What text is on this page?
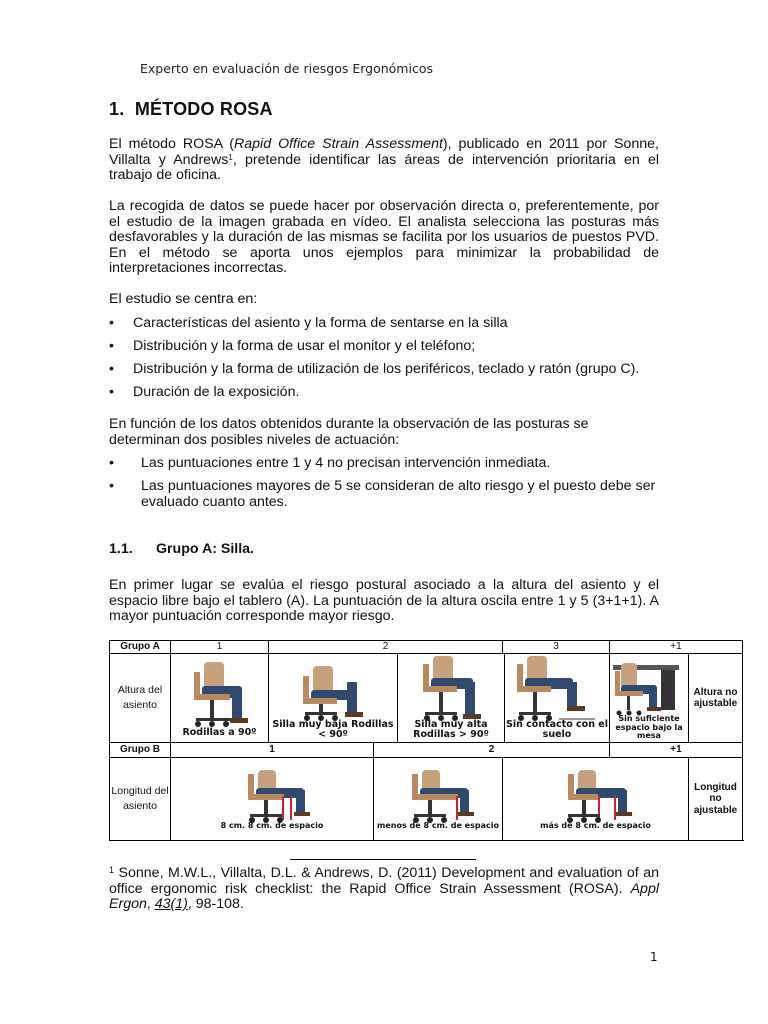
Experto en evaluación de riesgos Ergonómicos
1. MÉTODO ROSA
El método ROSA (Rapid Office Strain Assessment), publicado en 2011 por Sonne, Villalta y Andrews$^1$, pretende identificar las áreas de intervención prioritaria en el trabajo de oficina.
La recogida de datos se puede hacer por observación directa o, preferentemente, por el estudio de la imagen grabada en vídeo. El analista selecciona las posturas más desfavorables y la duración de las mismas se facilita por los usuarios de puestos PVD. En el método se aporta unos ejemplos para minimizar la probabilidad de interpretaciones incorrectas.
El estudio se centra en:
• Características del asiento y la forma de sentarse en la silla
• Distribución y la forma de usar el monitor y el teléfono;
• Distribución y la forma de utilización de los periféricos, teclado y ratón (grupo C).
• Duración de la exposición.
En función de los datos obtenidos durante la observación de las posturas se determinan dos posibles niveles de actuación:
• Las puntuaciones entre 1 y 4 no precisan intervención inmediata.
• Las puntuaciones mayores de 5 se consideran de alto riesgo y el puesto debe ser evaluado cuanto antes.
1.1. Grupo A: Silla.
En primer lugar se evalúa el riesgo postural asociado a la altura del asiento y el espacio libre bajo el tablero (A). La puntuación de la altura oscila entre 1 y 5 (3+1+1). A mayor puntuación corresponde mayor riesgo.
Grupo A	1	2			3		+1	
Altura del asiento	Rodillas a 90º	Silla muy baja Rodillas < 90º		Silla muy alta Rodillas > 90º		Sin contacto con el suelo	Sin suficiente espacio bajo la mesa	Altura no ajustable
Grupo B	1		2				+1	
Longitud del asiento	8 cm. 8 cm. de espacio		menos de 8 cm. de espacio		más de 8 cm. de espacio			Longitud no ajustable
$^1$ Sonne, M.W.L., Villalta, D.L. & Andrews, D. (2011) Development and evaluation of an office ergonomic risk checklist: the Rapid Office Strain Assessment (ROSA). Appl Ergon, 43(1), 98-108.
1
